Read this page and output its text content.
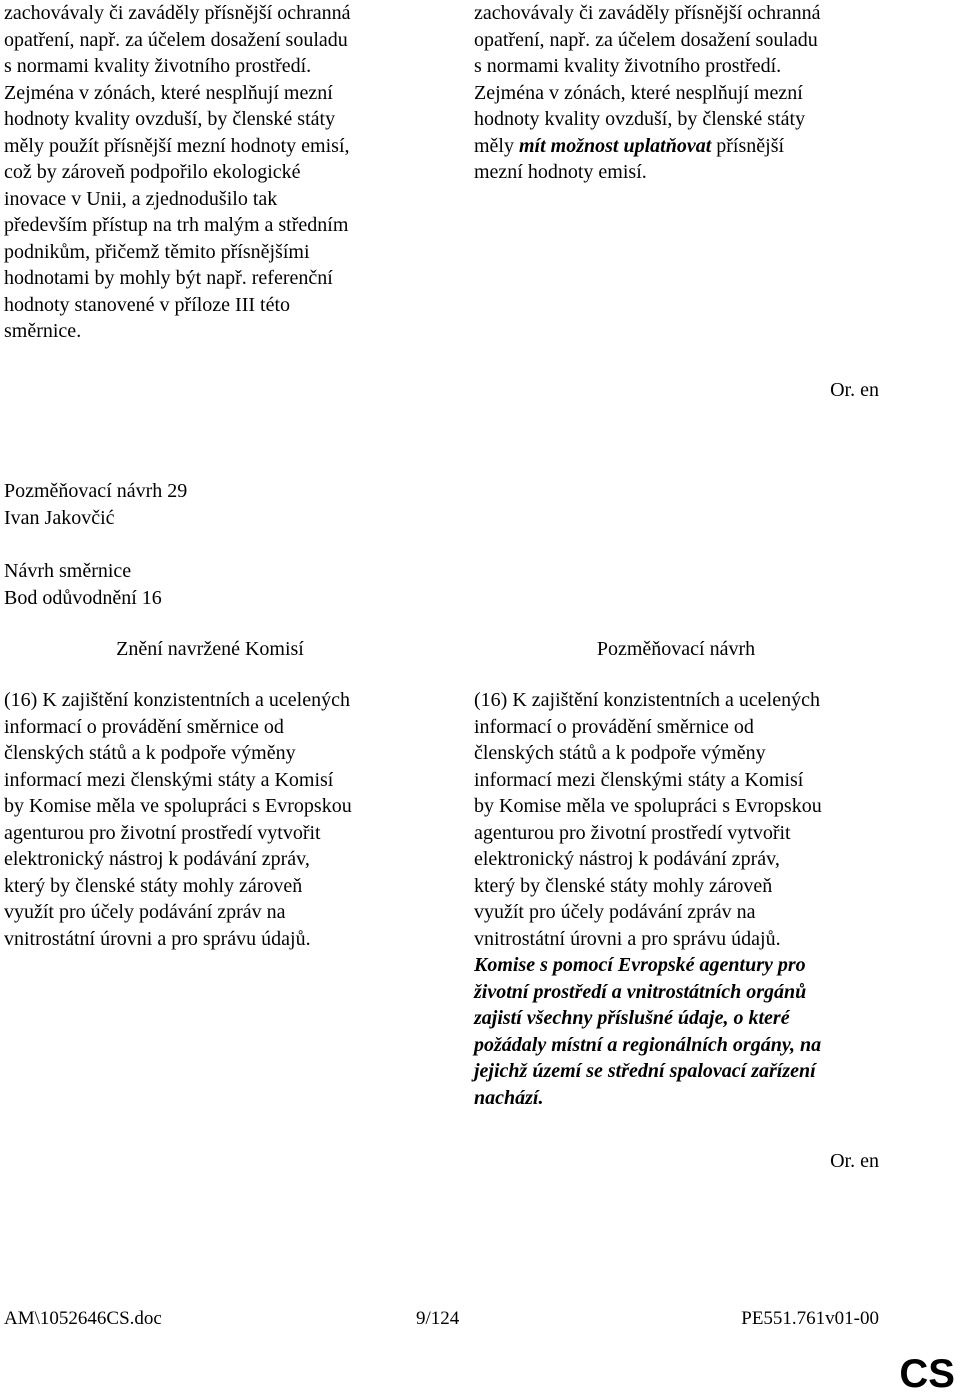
zachovávaly či zaváděly přísnější ochranná
opatření, např. za účelem dosažení souladu
s normami kvality životního prostředí.
Zejména v zónách, které nesplňují mezní
hodnoty kvality ovzduší, by členské státy
měly použít přísnější mezní hodnoty emisí,
což by zároveň podpořilo ekologické
inovace v Unii, a zjednodušilo tak
především přístup na trh malým a středním
podnikům, přičemž těmito přísnějšími
hodnotami by mohly být např. referenční
hodnoty stanovené v příloze III této
směrnice.
zachovávaly či zaváděly přísnější ochranná
opatření, např. za účelem dosažení souladu
s normami kvality životního prostředí.
Zejména v zónách, které nesplňují mezní
hodnoty kvality ovzduší, by členské státy
měly mít možnost uplatňovat přísnější
mezní hodnoty emisí.
Or. en
Pozměňovací návrh 29
Ivan Jakovčić
Návrh směrnice
Bod odůvodnění 16
Znění navržené Komisí	Pozměňovací návrh
(16) K zajištění konzistentních a ucelených
informací o provádění směrnice od
členských států a k podpoře výměny
informací mezi členskými státy a Komisí
by Komise měla ve spolupráci s Evropskou
agenturou pro životní prostředí vytvořit
elektronický nástroj k podávání zpráv,
který by členské státy mohly zároveň
využít pro účely podávání zpráv na
vnitrostátní úrovni a pro správu údajů.
(16) K zajištění konzistentních a ucelených
informací o provádění směrnice od
členských států a k podpoře výměny
informací mezi členskými státy a Komisí
by Komise měla ve spolupráci s Evropskou
agenturou pro životní prostředí vytvořit
elektronický nástroj k podávání zpráv,
který by členské státy mohly zároveň
využít pro účely podávání zpráv na
vnitrostátní úrovni a pro správu údajů.
Komise s pomocí Evropské agentury pro
životní prostředí a vnitrostátních orgánů
zajistí všechny příslušné údaje, o které
požádaly místní a regionálních orgány, na
jejichž území se střední spalovací zařízení
nachází.
Or. en
AM\1052646CS.doc	9/124	PE551.761v01-00
CS
